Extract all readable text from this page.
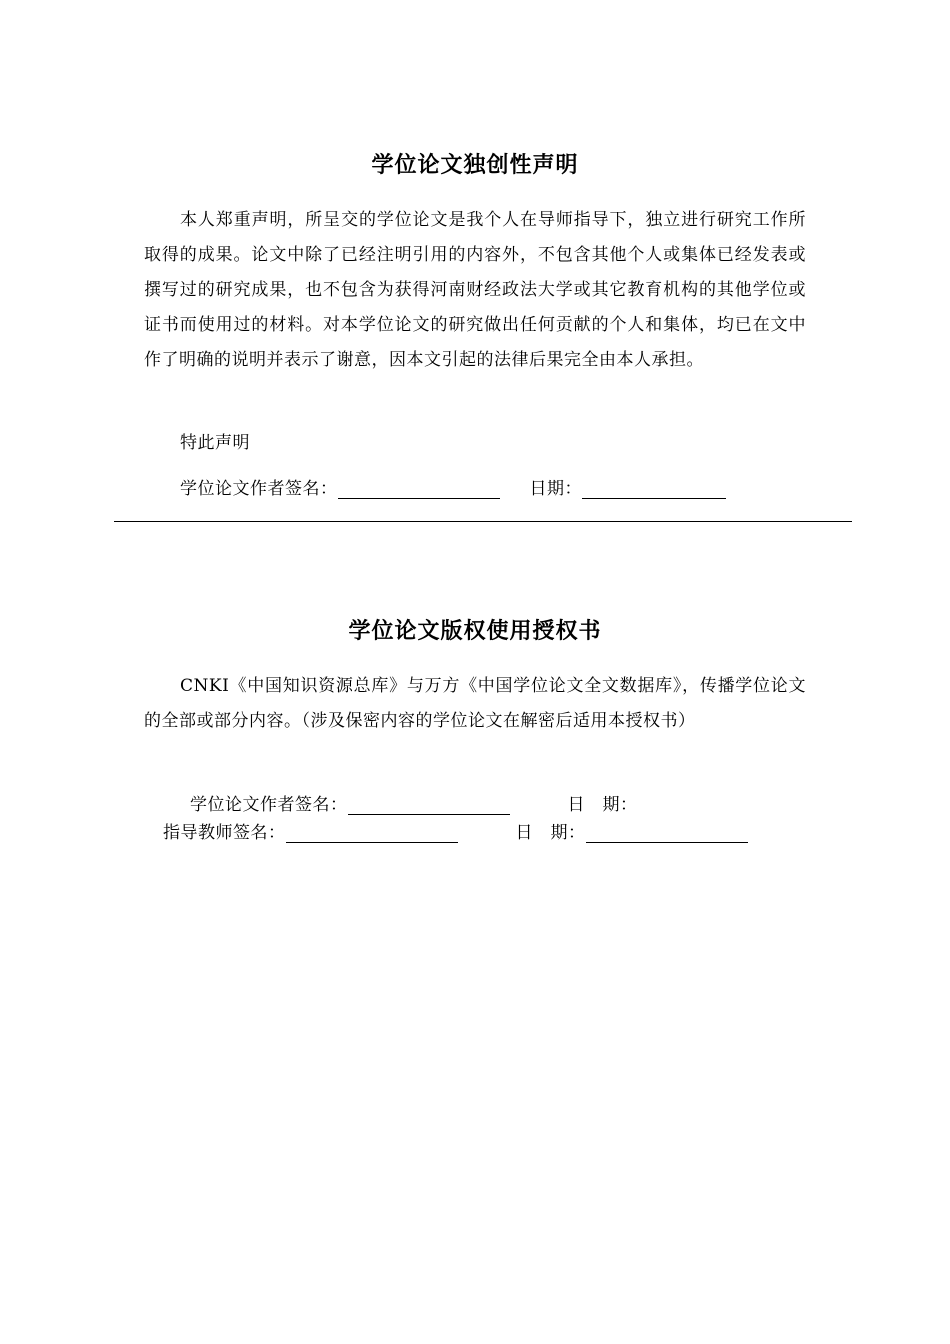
学位论文独创性声明

本人郑重声明，所呈交的学位论文是我个人在导师指导下，独立进行研究工作所取得的成果。论文中除了已经注明引用的内容外，不包含其他个人或集体已经发表或撰写过的研究成果，也不包含为获得河南财经政法大学或其它教育机构的其他学位或证书而使用过的材料。对本学位论文的研究做出任何贡献的个人和集体，均已在文中作了明确的说明并表示了谢意，因本文引起的法律后果完全由本人承担。

特此声明
学位论文作者签名：	日期：
学位论文版权使用授权书

CNKI《中国知识资源总库》与万方《中国学位论文全文数据库》，传播学位论文的全部或部分内容。（涉及保密内容的学位论文在解密后适用本授权书）

学位论文作者签名：	日　期：
指导教师签名：	日　期：
